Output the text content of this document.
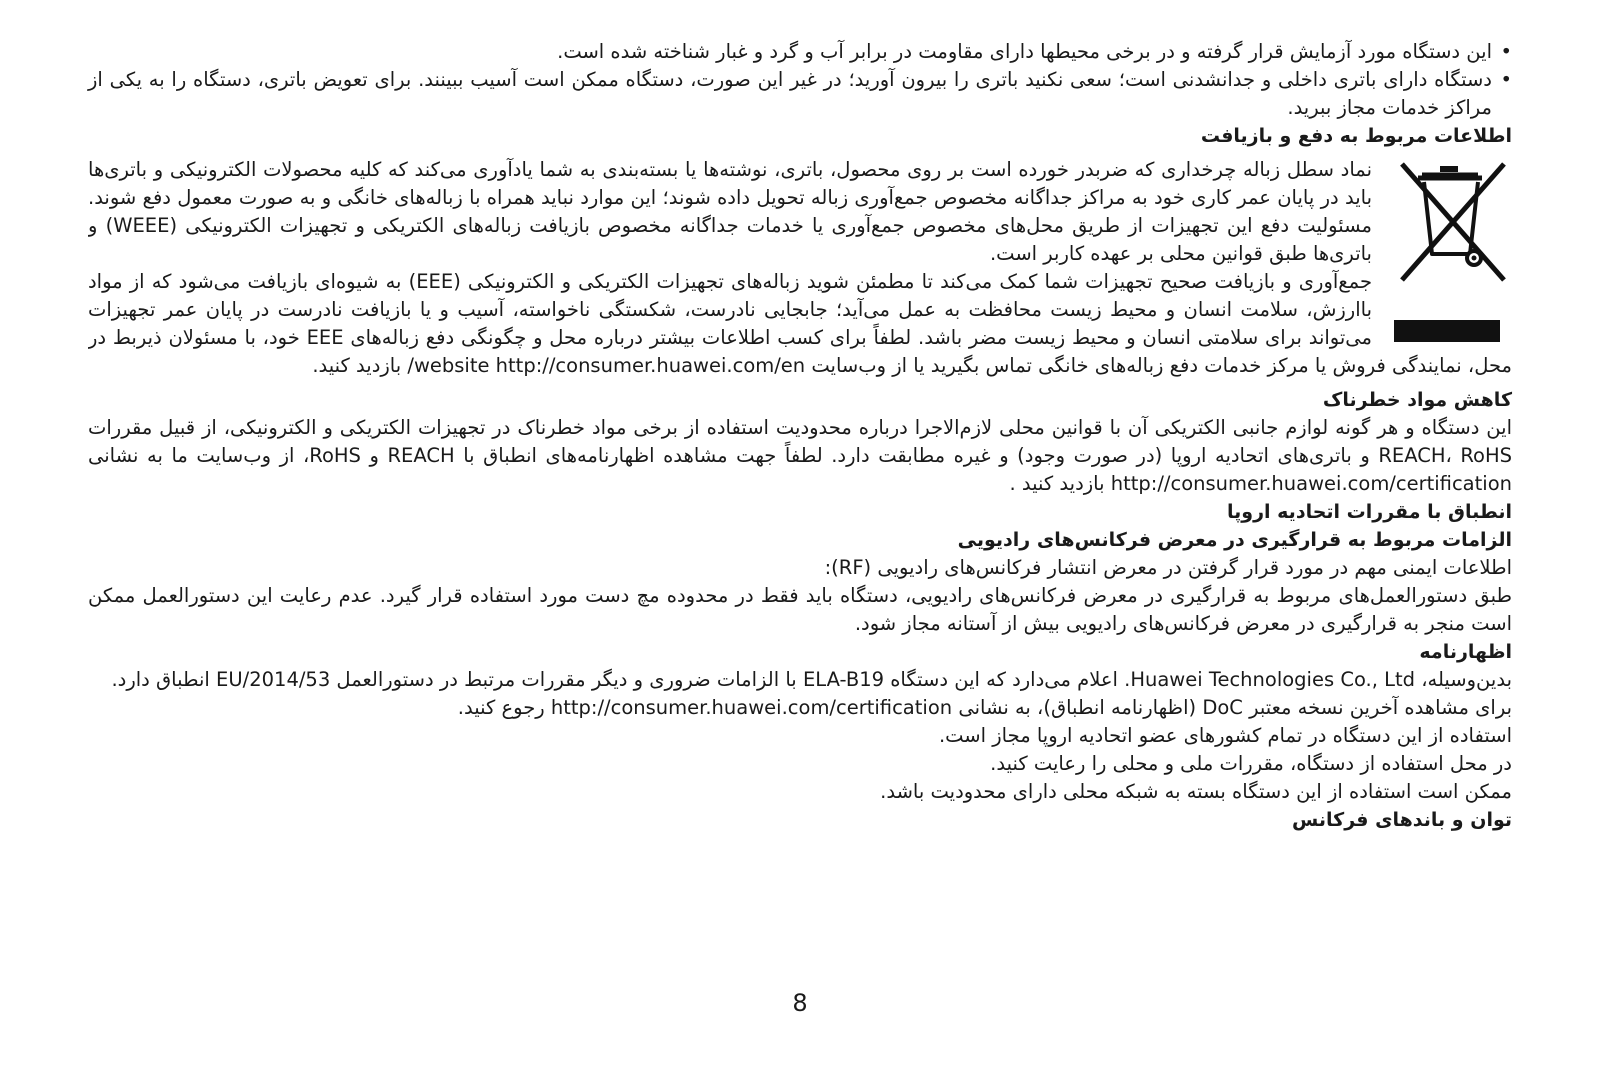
• این دستگاه مورد آزمایش قرار گرفته و در برخی محیطها دارای مقاومت در برابر آب و گرد و غبار شناخته شده است.
• دستگاه دارای باتری داخلی و جدانشدنی است؛ سعی نکنید باتری را بیرون آورید؛ در غیر این صورت، دستگاه ممکن است آسیب ببینند. برای تعویض باتری، دستگاه را به یکی از مراکز خدمات مجاز ببرید.
اطلاعات مربوط به دفع و بازیافت

نماد سطل زباله چرخداری که ضربدر خورده است بر روی محصول، باتری، نوشته‌ها یا بسته‌بندی به شما یادآوری می‌کند که کلیه محصولات الکترونیکی و باتری‌ها باید در پایان عمر کاری خود به مراکز جداگانه مخصوص جمع‌آوری زباله تحویل داده شوند؛ این موارد نباید همراه با زباله‌های خانگی و به صورت معمول دفع شوند. مسئولیت دفع این تجهیزات از طریق محل‌های مخصوص جمع‌آوری یا خدمات جداگانه مخصوص بازیافت زباله‌های الکتریکی و تجهیزات الکترونیکی (WEEE) و باتری‌ها طبق قوانین محلی بر عهده کاربر است.

جمع‌آوری و بازیافت صحیح تجهیزات شما کمک می‌کند تا مطمئن شوید زباله‌های تجهیزات الکتریکی و الکترونیکی (EEE) به شیوه‌ای بازیافت می‌شود که از مواد باارزش، سلامت انسان و محیط زیست محافظت به عمل می‌آید؛ جابجایی نادرست، شکستگی ناخواسته، آسیب و یا بازیافت نادرست در پایان عمر تجهیزات می‌تواند برای سلامتی انسان و محیط زیست مضر باشد. لطفاً برای کسب اطلاعات بیشتر درباره محل و چگونگی دفع زباله‌های EEE خود، با مسئولان ذیربط در محل، نمایندگی فروش یا مرکز خدمات دفع زباله‌های خانگی تماس بگیرید یا از وب‌سایت website http://consumer.huawei.com/en/ بازدید کنید.

کاهش مواد خطرناک

این دستگاه و هر گونه لوازم جانبی الکتریکی آن با قوانین محلی لازم‌الاجرا درباره محدودیت استفاده از برخی مواد خطرناک در تجهیزات الکتریکی و الکترونیکی، از قبیل مقررات REACH، RoHS و باتری‌های اتحادیه اروپا (در صورت وجود) و غیره مطابقت دارد. لطفاً جهت مشاهده اظهارنامه‌های انطباق با REACH و RoHS، از وب‌سایت ما به نشانی http://consumer.huawei.com/certification بازدید کنید .

انطباق با مقررات اتحادیه اروپا
الزامات مربوط به قرارگیری در معرض فرکانس‌های رادیویی

اطلاعات ایمنی مهم در مورد قرار گرفتن در معرض انتشار فرکانس‌های رادیویی (RF):

طبق دستورالعمل‌های مربوط به قرارگیری در معرض فرکانس‌های رادیویی، دستگاه باید فقط در محدوده مچ دست مورد استفاده قرار گیرد. عدم رعایت این دستورالعمل ممکن است منجر به قرارگیری در معرض فرکانس‌های رادیویی بیش از آستانه مجاز شود.

اظهارنامه

بدین‌وسیله، Huawei Technologies Co., Ltd. اعلام می‌دارد که این دستگاه ELA-B19 با الزامات ضروری و دیگر مقررات مرتبط در دستورالعمل 2014/53/EU انطباق دارد.

برای مشاهده آخرین نسخه معتبر DoC (اظهارنامه انطباق)، به نشانی http://consumer.huawei.com/certification رجوع کنید.

استفاده از این دستگاه در تمام کشورهای عضو اتحادیه اروپا مجاز است.

در محل استفاده از دستگاه، مقررات ملی و محلی را رعایت کنید.

ممکن است استفاده از این دستگاه بسته به شبکه محلی دارای محدودیت باشد.

توان و باندهای فرکانس
8
